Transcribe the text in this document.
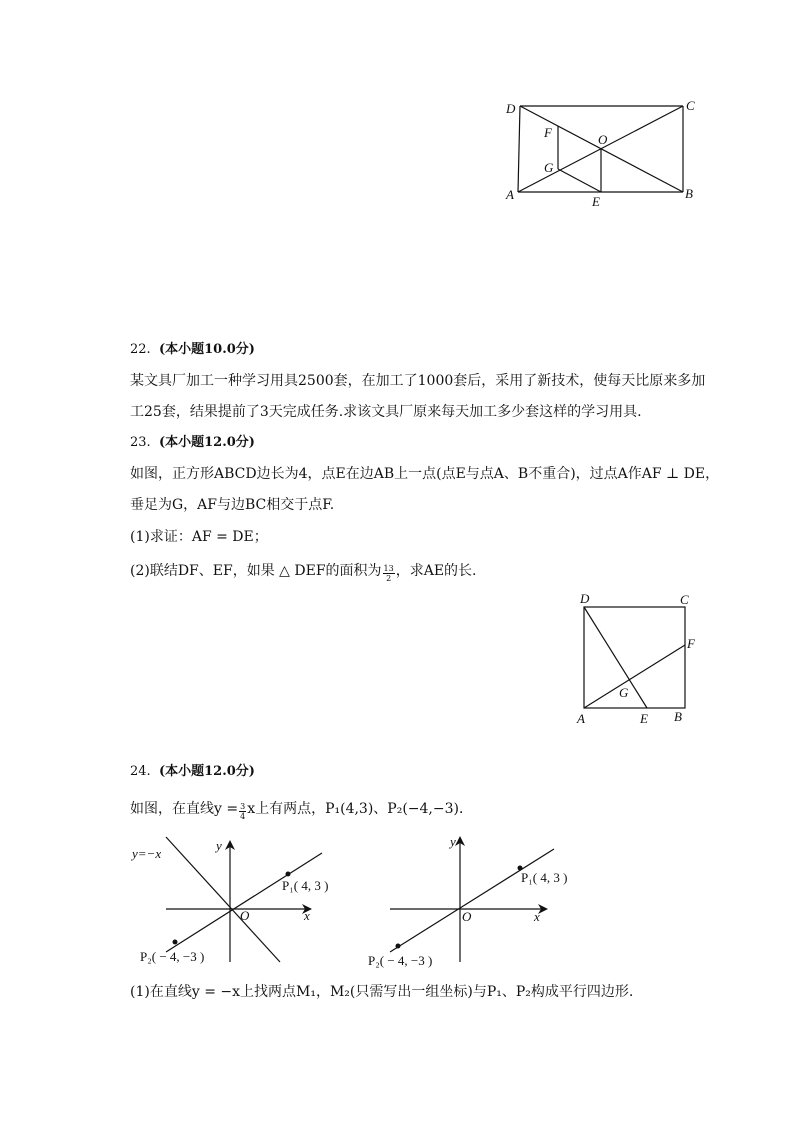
D	C
A	B
E
F
G
O
22. (本小题10.0分)
某文具厂加工一种学习用具2500套，在加工了1000套后，采用了新技术，使每天比原来多加
工25套，结果提前了3天完成任务.求该文具厂原来每天加工多少套这样的学习用具.
23. (本小题12.0分)
如图，正方形ABCD边长为4，点E在边AB上一点(点E与点A、B不重合)，过点A作AF ⊥ DE，
垂足为G，AF与边BC相交于点F.
(1)求证：AF = DE；
(2)联结DF、EF，如果 △ DEF的面积为 $\frac{13}{2}$ ，求AE的长.
D	C
F
G
A	E B
24. (本小题12.0分)
如图，在直线$y = \frac{3}{4}$ x上有两点，P₁(4,3)、P₂(−4,−3)．
y=−x
y
x
O
P₁( 4, 3 )
P₂( − 4, −3 )
y
x
O
P₁( 4, 3 )
P₂( − 4, −3 )
(1)在直线y = −x上找两点M₁，M₂(只需写出一组坐标)与P₁、P₂构成平行四边形.
